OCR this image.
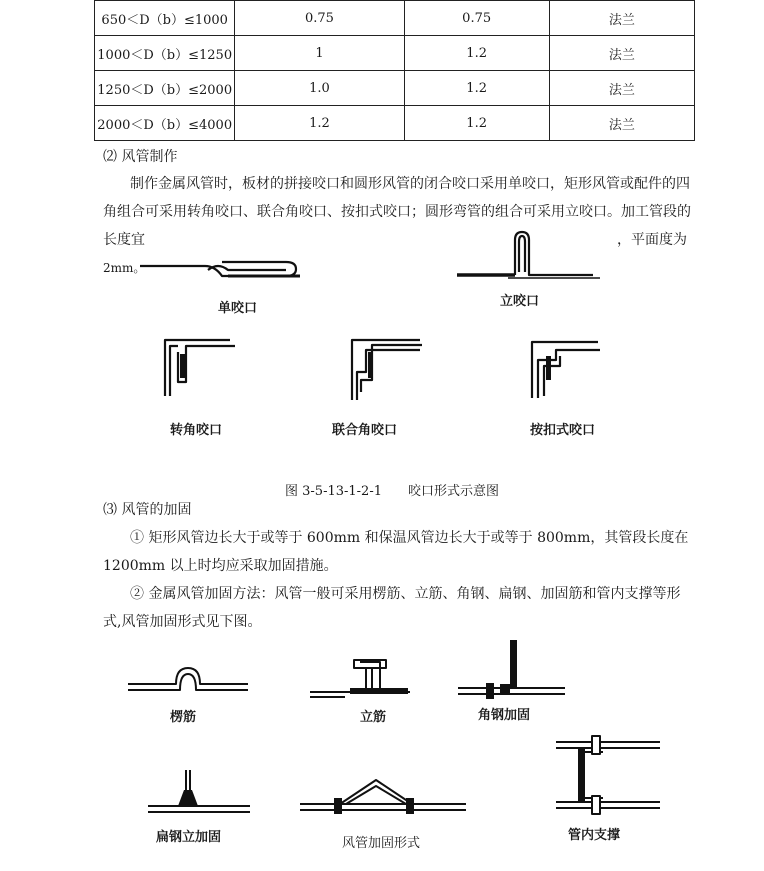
650＜D（b）≤1000	0.75	0.75	法兰
1000＜D（b）≤1250	1	1.2	法兰
1250＜D（b）≤2000	1.0	1.2	法兰
2000＜D（b）≤4000	1.2	1.2	法兰
⑵ 风管制作
制作金属风管时，板材的拼接咬口和圆形风管的闭合咬口采用单咬口，矩形风管或配件的四
角组合可采用转角咬口、联合角咬口、按扣式咬口；圆形弯管的组合可采用立咬口。加工管段的
长度宜	，平面度为
2mm。
单咬口	立咬口
转角咬口	联合角咬口	按扣式咬口
图 3-5-13-1-2-1　　咬口形式示意图
⑶ 风管的加固
① 矩形风管边长大于或等于 600mm 和保温风管边长大于或等于 800mm，其管段长度在
1200mm 以上时均应采取加固措施。
② 金属风管加固方法：风管一般可采用楞筋、立筋、角钢、扁钢、加固筋和管内支撑等形
式,风管加固形式见下图。
楞筋	立筋	角钢加固
扁钢立加固	风管加固形式
管内支撑
